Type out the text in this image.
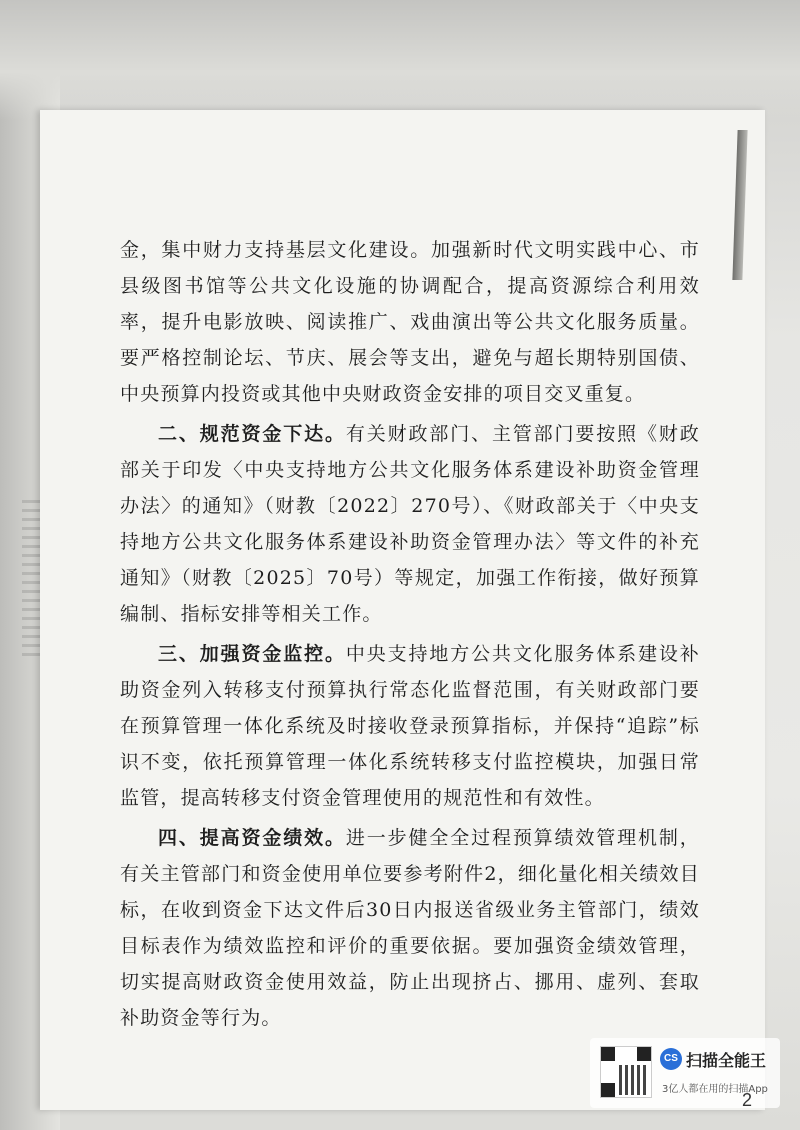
金，集中财力支持基层文化建设。加强新时代文明实践中心、市县级图书馆等公共文化设施的协调配合，提高资源综合利用效率，提升电影放映、阅读推广、戏曲演出等公共文化服务质量。要严格控制论坛、节庆、展会等支出，避免与超长期特别国债、中央预算内投资或其他中央财政资金安排的项目交叉重复。

二、规范资金下达。有关财政部门、主管部门要按照《财政部关于印发〈中央支持地方公共文化服务体系建设补助资金管理办法〉的通知》（财教〔2022〕270号）、《财政部关于〈中央支持地方公共文化服务体系建设补助资金管理办法〉等文件的补充通知》（财教〔2025〕70号）等规定，加强工作衔接，做好预算编制、指标安排等相关工作。

三、加强资金监控。中央支持地方公共文化服务体系建设补助资金列入转移支付预算执行常态化监督范围，有关财政部门要在预算管理一体化系统及时接收登录预算指标，并保持“追踪”标识不变，依托预算管理一体化系统转移支付监控模块，加强日常监管，提高转移支付资金管理使用的规范性和有效性。

四、提高资金绩效。进一步健全全过程预算绩效管理机制，有关主管部门和资金使用单位要参考附件2，细化量化相关绩效目标，在收到资金下达文件后30日内报送省级业务主管部门，绩效目标表作为绩效监控和评价的重要依据。要加强资金绩效管理，切实提高财政资金使用效益，防止出现挤占、挪用、虚列、套取补助资金等行为。

CS 扫描全能王
3亿人都在用的扫描App
2
